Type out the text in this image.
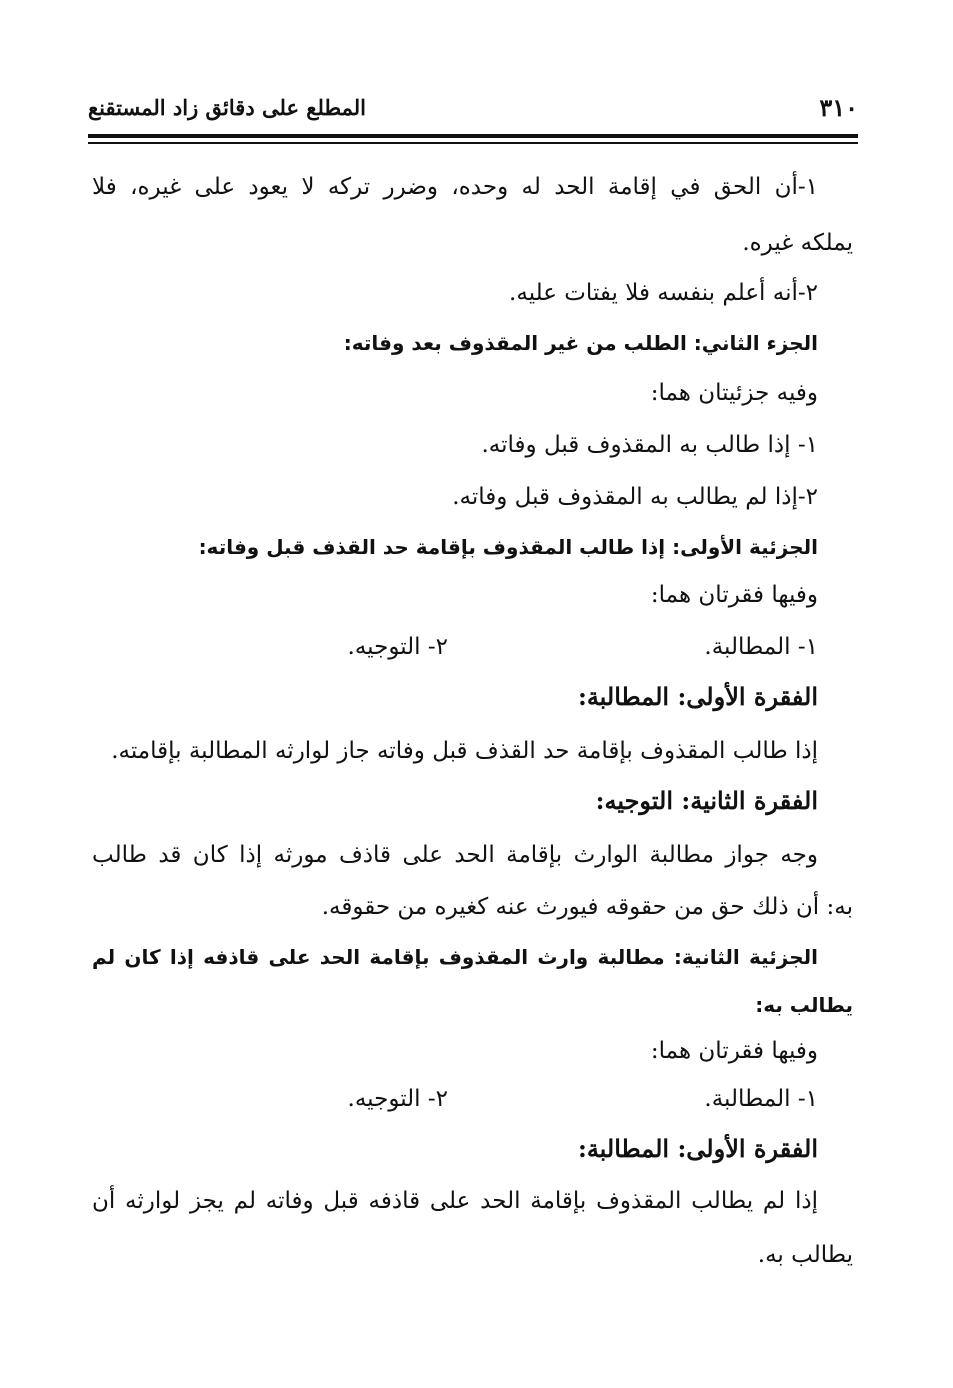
٣١٠
المطلع على دقائق زاد المستقنع
١-أن الحق في إقامة الحد له وحده، وضرر تركه لا يعود على غيره، فلا
يملكه غيره.
٢-أنه أعلم بنفسه فلا يفتات عليه.
الجزء الثاني: الطلب من غير المقذوف بعد وفاته:
وفيه جزئيتان هما:
١- إذا طالب به المقذوف قبل وفاته.
٢-إذا لم يطالب به المقذوف قبل وفاته.
الجزئية الأولى: إذا طالب المقذوف بإقامة حد القذف قبل وفاته:
وفيها فقرتان هما:
١- المطالبة.
٢- التوجيه.
الفقرة الأولى: المطالبة:
إذا طالب المقذوف بإقامة حد القذف قبل وفاته جاز لوارثه المطالبة بإقامته.
الفقرة الثانية: التوجيه:
وجه جواز مطالبة الوارث بإقامة الحد على قاذف مورثه إذا كان قد طالب
به: أن ذلك حق من حقوقه فيورث عنه كغيره من حقوقه.
الجزئية الثانية: مطالبة وارث المقذوف بإقامة الحد على قاذفه إذا كان لم
يطالب به:
وفيها فقرتان هما:
١- المطالبة.
٢- التوجيه.
الفقرة الأولى: المطالبة:
إذا لم يطالب المقذوف بإقامة الحد على قاذفه قبل وفاته لم يجز لوارثه أن
يطالب به.
